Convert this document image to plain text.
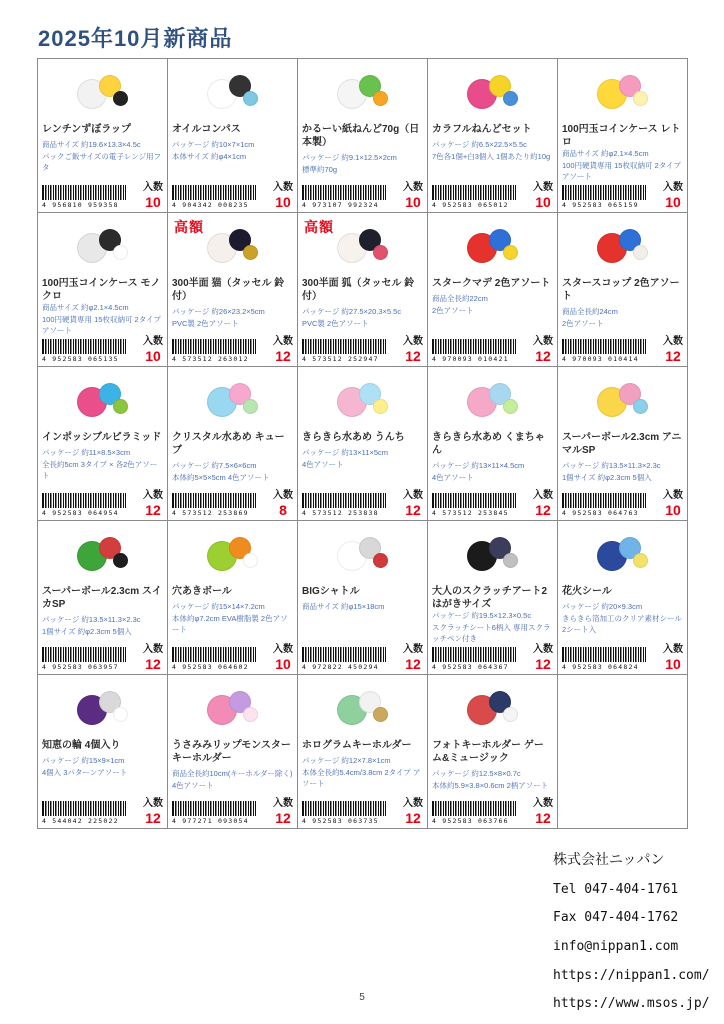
2025年10月新商品
レンチンずぼラップ
商品サイズ 約19.6×13.3×4.5c
パックご飯サイズの電子レンジ用フタ
4 956810 959358
入数
10
オイルコンパス
パッケージ 約10×7×1cm
本体サイズ 約φ4×1cm
4 904342 008235
入数
10
かるーい紙ねんど70g（日本製）
パッケージ 約9.1×12.5×2cm
標準約70g
4 973107 992324
入数
10
カラフルねんどセット
パッケージ 約6.5×22.5×5.5c
7色各1個+白3個入 1個あたり約10g
4 952583 065012
入数
10
100円玉コインケース レトロ
商品サイズ 約φ2.1×4.5cm
100円硬貨専用 15枚収納可 2タイプ アソート
4 952583 065159
入数
10
100円玉コインケース モノクロ
商品サイズ 約φ2.1×4.5cm
100円硬貨専用 15枚収納可 2タイプ アソート
4 952583 065135
入数
10
高額
300半面 猫（タッセル 鈴付）
パッケージ 約26×23.2×5cm
PVC製 2色アソート
4 573512 263012
入数
12
高額
300半面 狐（タッセル 鈴付）
パッケージ 約27.5×20.3×5.5c
PVC製 2色アソート
4 573512 252947
入数
12
スタークマデ 2色アソート
商品全長約22cm
2色アソート
4 970093 010421
入数
12
スタースコップ 2色アソート
商品全長約24cm
2色アソート
4 970093 010414
入数
12
インポッシブルピラミッド
パッケージ 約11×8.5×3cm
全長約5cm 3タイプ × 各2色アソート
4 952583 064954
入数
12
クリスタル水あめ キューブ
パッケージ 約7.5×6×6cm
本体約5×5×5cm 4色アソート
4 573512 253869
入数
8
きらきら水あめ うんち
パッケージ 約13×11×5cm
4色アソート
4 573512 253838
入数
12
きらきら水あめ くまちゃん
パッケージ 約13×11×4.5cm
4色アソート
4 573512 253845
入数
12
スーパーボール2.3cm アニマルSP
パッケージ 約13.5×11.3×2.3c
1個サイズ 約φ2.3cm 5個入
4 952583 064763
入数
10
スーパーボール2.3cm スイカSP
パッケージ 約13.5×11.3×2.3c
1個サイズ 約φ2.3cm 5個入
4 952583 063957
入数
12
穴あきボール
パッケージ 約15×14×7.2cm
本体約φ7.2cm EVA樹脂製 2色アソート
4 952583 064602
入数
10
BIGシャトル
商品サイズ 約φ15×18cm
4 972822 450294
入数
12
大人のスクラッチアート2 はがきサイズ
パッケージ 約19.5×12.3×0.5c
スクラッチシート6柄入 専用スクラッチペン付き
4 952583 064367
入数
12
花火シール
パッケージ 約20×9.3cm
きらきら箔加工のクリア素材シール 2シート入
4 952583 064824
入数
10
知恵の輪 4個入り
パッケージ 約15×9×1cm
4個入 3パターンアソート
4 544042 225022
入数
12
うさみみリップモンスター キーホルダー
商品全長約10cm(キーホルダー除く)
4色アソート
4 977271 093054
入数
12
ホログラムキーホルダー
パッケージ 約12×7.8×1cm
本体全長約5.4cm/3.8cm 2タイプ アソート
4 952583 063735
入数
12
フォトキーホルダー ゲーム&ミュージック
パッケージ 約12.5×8×0.7c
本体約5.9×3.8×0.6cm 2柄アソート
4 952583 063766
入数
12
株式会社ニッパン
Tel 047-404-1761
Fax 047-404-1762
info@nippan1.com
https://nippan1.com/
https://www.msos.jp/
5
